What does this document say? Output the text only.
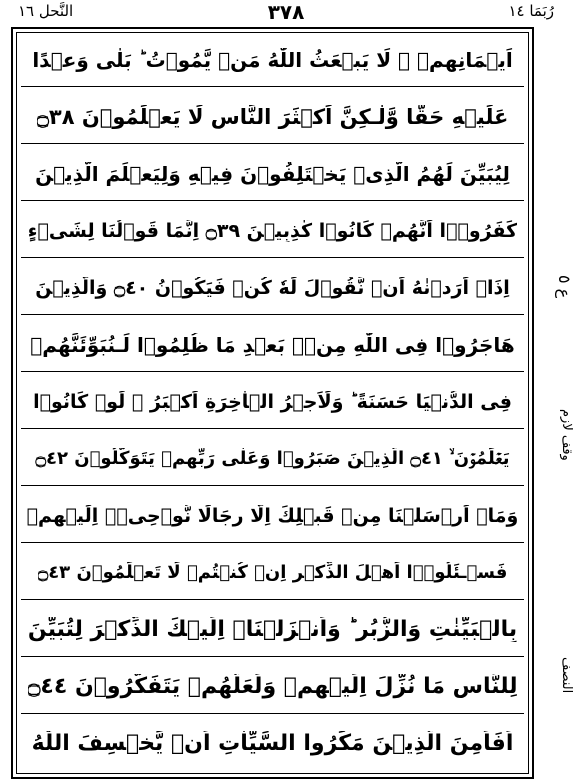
رُبَمَا ١٤
٣٧٨
النَّحل ١٦
اَيۡمَانِهِمۡ ۙ لَا يَبۡعَثُ اللّٰهُ مَنۡ يَّمُوۡتُ ؕ بَلٰى وَعۡدًا
عَلَيۡهِ حَقًّا وَّلٰـكِنَّ اَكۡثَرَ النَّاسِ لَا يَعۡلَمُوۡنَ ۝٣٨
لِيُبَيِّنَ لَهُمُ الَّذِىۡ يَخۡتَلِفُوۡنَ فِيۡهِ وَلِيَعۡلَمَ الَّذِيۡنَ
كَفَرُوۡۤا اَنَّهُمۡ كَانُوۡا كٰذِبِيۡنَ ۝٣٩ اِنَّمَا قَوۡلُنَا لِشَىۡءٍ
اِذَاۤ اَرَدۡنٰهُ اَنۡ نَّقُوۡلَ لَهٗ كُنۡ فَيَكُوۡنُ ۝٤٠ وَالَّذِيۡنَ
هَاجَرُوۡا فِى اللّٰهِ مِنۡۢ بَعۡدِ مَا ظُلِمُوۡا لَـنُبَوِّئَنَّهُمۡ
فِى الدُّنۡيَا حَسَنَةً ؕ وَلَاَجۡرُ الۡاٰخِرَةِ اَكۡبَرُ ۘ لَوۡ كَانُوۡا
يَعۡلَمُوۡنَ ۙ ۝٤١ الَّذِيۡنَ صَبَرُوۡا وَعَلٰى رَبِّهِمۡ يَتَوَكَّلُوۡنَ ۝٤٢
وَمَاۤ اَرۡسَلۡنَا مِنۡ قَبۡلِكَ اِلَّا رِجَالًا نُّوۡحِىۡۤ اِلَيۡهِمۡ
فَسۡـئَلُوۡۤا اَهۡلَ الذِّكۡرِ اِنۡ كُنۡتُمۡ لَا تَعۡلَمُوۡنَ ۝٤٣
بِالۡبَيِّنٰتِ وَالزُّبُرِ ؕ وَاَنۡزَلۡنَاۤ اِلَيۡكَ الذِّكۡرَ لِتُبَيِّنَ
لِلنَّاسِ مَا نُزِّلَ اِلَيۡهِمۡ وَلَعَلَّهُمۡ يَتَفَكَّرُوۡنَ ۝٤٤
اَفَاَمِنَ الَّذِيۡنَ مَكَرُوا السَّيِّاٰتِ اَنۡ يَّخۡسِفَ اللّٰهُ
ع ٥
وقف لازم
النصف
